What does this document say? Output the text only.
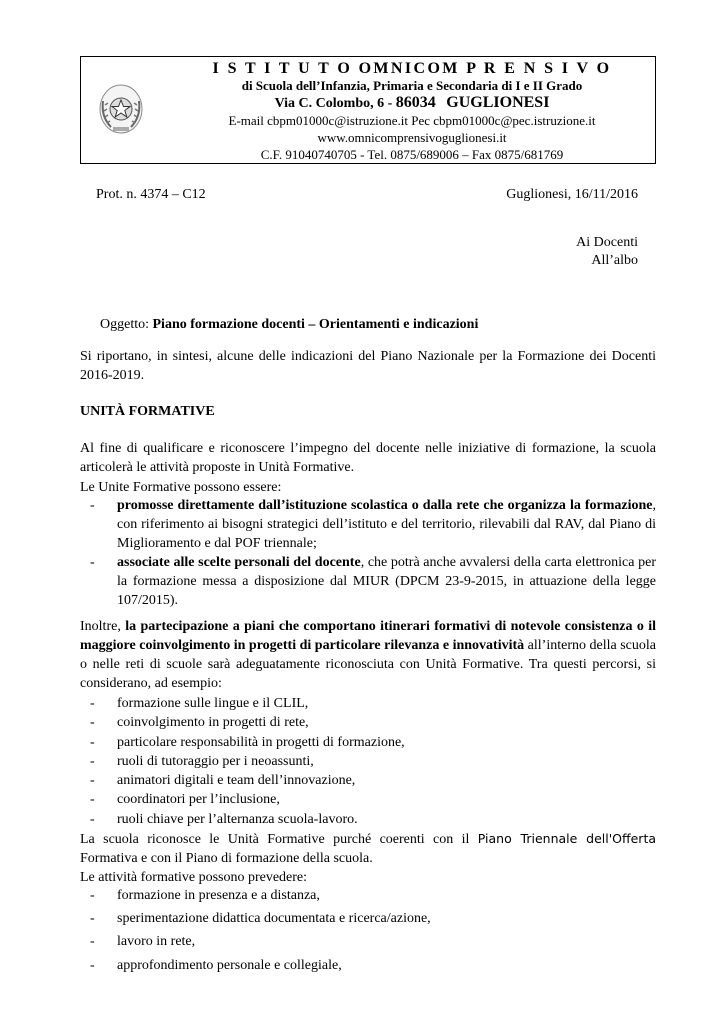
I S T I T U T O OMNICOM P R E N S I V O
di Scuola dell’Infanzia, Primaria e Secondaria di I e II Grado
Via C. Colombo, 6 - 86034 GUGLIONESI
E-mail cbpm01000c@istruzione.it Pec cbpm01000c@pec.istruzione.it
www.omnicomprensivoguglionesi.it
C.F. 91040740705 - Tel. 0875/689006 – Fax 0875/681769
Prot. n. 4374 – C12	Guglionesi, 16/11/2016
Ai Docenti
All’albo
Oggetto: Piano formazione docenti – Orientamenti e indicazioni
Si riportano, in sintesi, alcune delle indicazioni del Piano Nazionale per la Formazione dei Docenti 2016-2019.
UNITÀ FORMATIVE
Al fine di qualificare e riconoscere l’impegno del docente nelle iniziative di formazione, la scuola articolerà le attività proposte in Unità Formative.
Le Unite Formative possono essere:
- promosse direttamente dall’istituzione scolastica o dalla rete che organizza la formazione, con riferimento ai bisogni strategici dell’istituto e del territorio, rilevabili dal RAV, dal Piano di Miglioramento e dal POF triennale;
- associate alle scelte personali del docente, che potrà anche avvalersi della carta elettronica per la formazione messa a disposizione dal MIUR (DPCM 23-9-2015, in attuazione della legge 107/2015).
Inoltre, la partecipazione a piani che comportano itinerari formativi di notevole consistenza o il maggiore coinvolgimento in progetti di particolare rilevanza e innovatività all’interno della scuola o nelle reti di scuole sarà adeguatamente riconosciuta con Unità Formative. Tra questi percorsi, si considerano, ad esempio:
- formazione sulle lingue e il CLIL,
- coinvolgimento in progetti di rete,
- particolare responsabilità in progetti di formazione,
- ruoli di tutoraggio per i neoassunti,
- animatori digitali e team dell’innovazione,
- coordinatori per l’inclusione,
- ruoli chiave per l’alternanza scuola-lavoro.
La scuola riconosce le Unità Formative purché coerenti con il Piano Triennale dell'Offerta Formativa e con il Piano di formazione della scuola.
Le attività formative possono prevedere:
- formazione in presenza e a distanza,
- sperimentazione didattica documentata e ricerca/azione,
- lavoro in rete,
- approfondimento personale e collegiale,
